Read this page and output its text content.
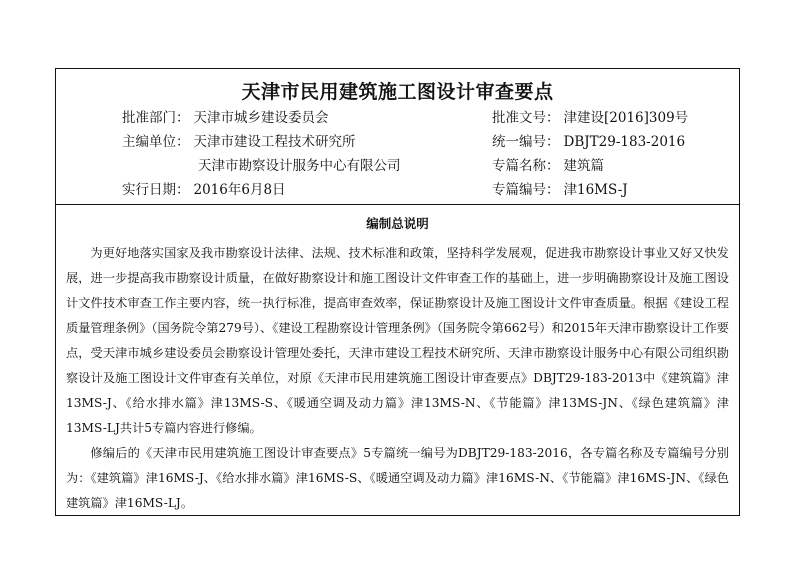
天津市民用建筑施工图设计审查要点
批准部门： 天津市城乡建设委员会	批准文号： 津建设[2016]309号
主编单位： 天津市建设工程技术研究所	统一编号： DBJT29-183-2016
天津市勘察设计服务中心有限公司	专篇名称： 建筑篇
实行日期： 2016年6月8日	专篇编号： 津16MS-J
编制总说明

为更好地落实国家及我市勘察设计法律、法规、技术标准和政策，坚持科学发展观，促进我市勘察设计事业又好又快发展，进一步提高我市勘察设计质量，在做好勘察设计和施工图设计文件审查工作的基础上，进一步明确勘察设计及施工图设计文件技术审查工作主要内容，统一执行标准，提高审查效率，保证勘察设计及施工图设计文件审查质量。根据《建设工程质量管理条例》（国务院令第279号）、《建设工程勘察设计管理条例》（国务院令第662号）和2015年天津市勘察设计工作要点，受天津市城乡建设委员会勘察设计管理处委托，天津市建设工程技术研究所、天津市勘察设计服务中心有限公司组织勘察设计及施工图设计文件审查有关单位，对原《天津市民用建筑施工图设计审查要点》DBJT29-183-2013中《建筑篇》津13MS-J、《给水排水篇》津13MS-S、《暖通空调及动力篇》津13MS-N、《节能篇》津13MS-JN、《绿色建筑篇》津13MS-LJ共计5专篇内容进行修编。

修编后的《天津市民用建筑施工图设计审查要点》5专篇统一编号为DBJT29-183-2016，各专篇名称及专篇编号分别为：《建筑篇》津16MS-J、《给水排水篇》津16MS-S、《暖通空调及动力篇》津16MS-N、《节能篇》津16MS-JN、《绿色建筑篇》津16MS-LJ。
